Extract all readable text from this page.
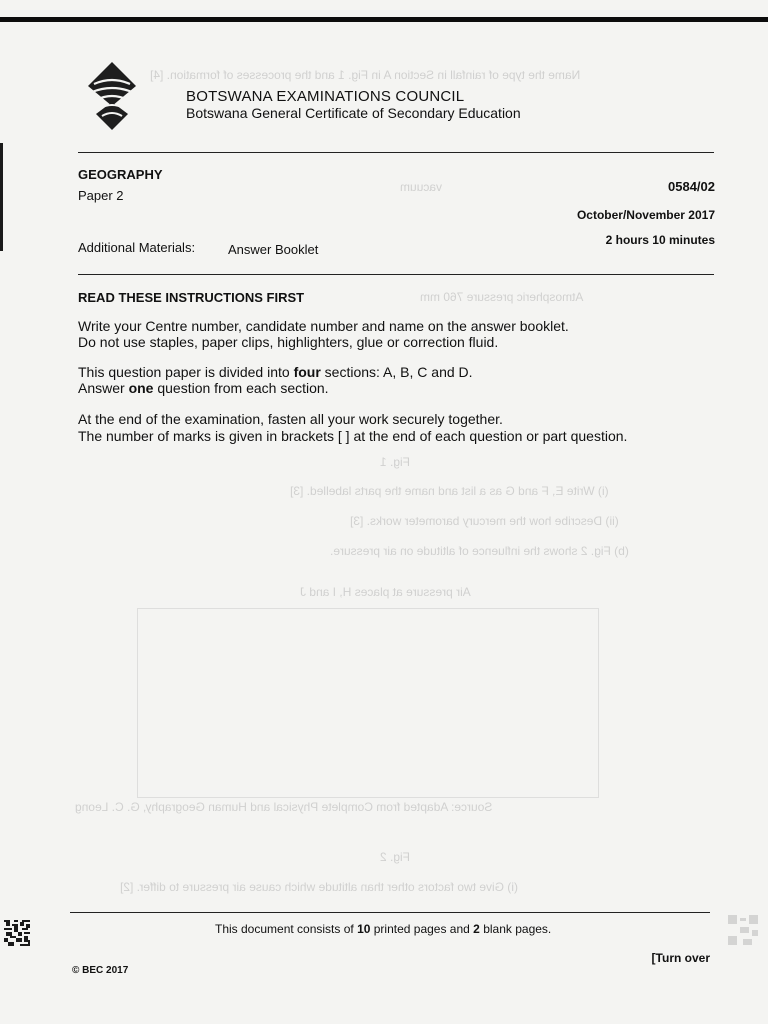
Name the type of rainfall in Section A in Fig. 1 and the processes of formation. [4]
vacuum
Atmospheric pressure 760 mm
Fig. 1
(i) Write E, F and G as a list and name the parts labelled. [3]
(ii) Describe how the mercury barometer works. [3]
(b) Fig. 2 shows the influence of altitude on air pressure.
Air pressure at places H, I and J
Source: Adapted from Complete Physical and Human Geography, G. C. Leong
Fig. 2
(i) Give two factors other than altitude which cause air pressure to differ. [2]
BOTSWANA EXAMINATIONS COUNCIL
Botswana General Certificate of Secondary Education
GEOGRAPHY
Paper 2
0584/02
October/November 2017
2 hours 10 minutes
Additional Materials:	Answer Booklet
READ THESE INSTRUCTIONS FIRST
Write your Centre number, candidate number and name on the answer booklet.
Do not use staples, paper clips, highlighters, glue or correction fluid.
This question paper is divided into four sections: A, B, C and D.
Answer one question from each section.
At the end of the examination, fasten all your work securely together.
The number of marks is given in brackets [ ] at the end of each question or part question.
This document consists of 10 printed pages and 2 blank pages.
[Turn over
© BEC 2017
